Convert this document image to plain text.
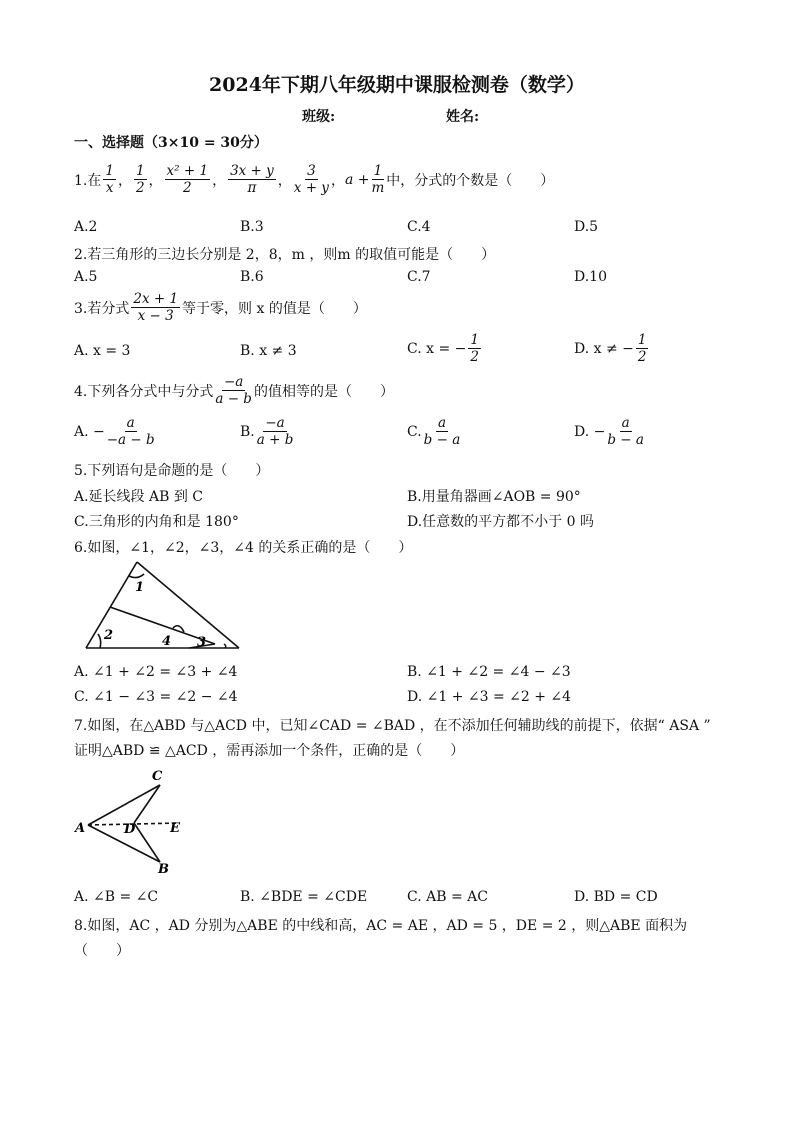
2024年下期八年级期中课服检测卷（数学）
班级:	姓名:
一、选择题（3×10 = 30分）
1.在 $\frac{1}{x}$ ， $\frac{1}{2}$ ， $\frac{\text{x² + 1}}{2}$ ， $\frac{3x + y}{\pi}$ ， $\frac{3}{x + y}$ ， $a + \frac{1}{m}$ 中，分式的个数是（　　）
A.2	B.3	C.4	D.5
2.若三角形的三边长分别是 2，8，m ，则m 的取值可能是（　　）
A.5	B.6	C.7	D.10
3.若分式 $\frac{2x + 1}{x - 3}$ 等于零，则 x 的值是（　　）
A. x = 3	B. x ≠ 3	C. x = − $\frac{1}{2}$	D. x ≠ − $\frac{1}{2}$
4.下列各分式中与分式 $\frac{-a}{a - b}$ 的值相等的是（　　）
A. − $\frac{a}{-a - b}$	B. $\frac{-a}{a + b}$	C. $\frac{a}{b - a}$	D. − $\frac{a}{b - a}$
5.下列语句是命题的是（　　）
A.延长线段 AB 到 C	B.用量角器画∠AOB = 90°
C.三角形的内角和是 180°	D.任意数的平方都不小于 0 吗
6.如图，∠1，∠2，∠3，∠4 的关系正确的是（　　）
1
2	3
4
A. ∠1 + ∠2 = ∠3 + ∠4	B. ∠1 + ∠2 = ∠4 − ∠3
C. ∠1 − ∠3 = ∠2 − ∠4	D. ∠1 + ∠3 = ∠2 + ∠4
7.如图，在△ABD 与△ACD 中，已知∠CAD = ∠BAD ，在不添加任何辅助线的前提下，依据“ ASA ”
证明△ABD ≌ △ACD ，需再添加一个条件，正确的是（　　）
C
A	D	E
B
A. ∠B = ∠C	B. ∠BDE = ∠CDE	C. AB = AC	D. BD = CD
8.如图，AC ，AD 分别为△ABE 的中线和高，AC = AE ，AD = 5 ，DE = 2 ，则△ABE 面积为
（　　）
